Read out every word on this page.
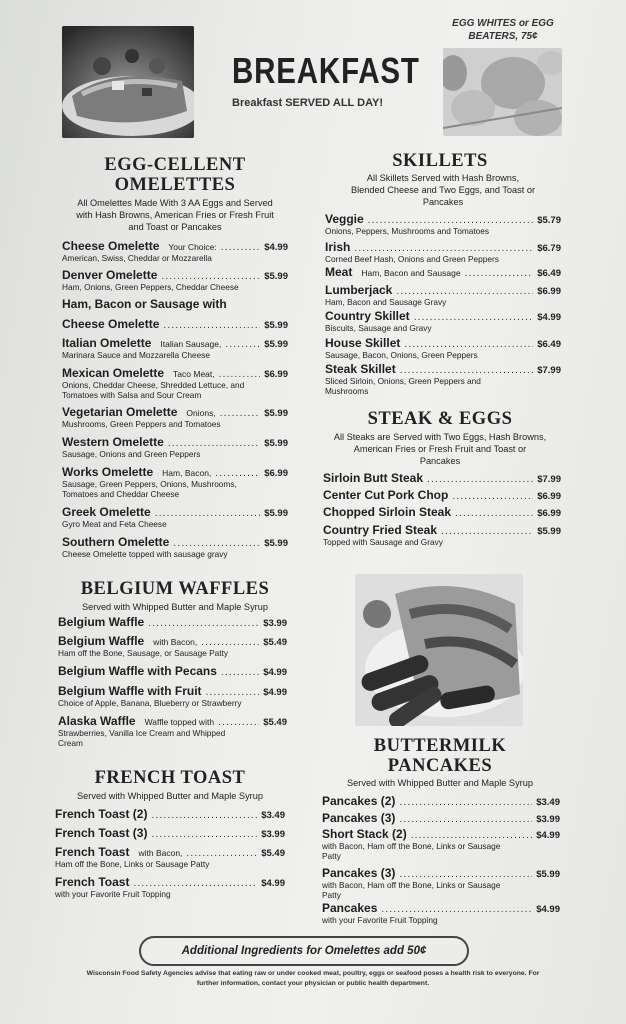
BREAKFAST
Breakfast SERVED ALL DAY!
EGG WHITES or EGG BEATERS, 75¢
EGG-CELLENT OMELETTES
All Omelettes Made With 3 AA Eggs and Served with Hash Browns, American Fries or Fresh Fruit and Toast or Pancakes
Cheese Omelette Your Choice: .....	$4.99
American, Swiss, Cheddar or Mozzarella
Denver Omelette .....	$5.99
Ham, Onions, Green Peppers, Cheddar Cheese
Ham, Bacon or Sausage with
Cheese Omelette .....	$5.99
Italian Omelette Italian Sausage, .....	$5.99
Marinara Sauce and Mozzarella Cheese
Mexican Omelette Taco Meat, .....	$6.99
Onions, Cheddar Cheese, Shredded Lettuce, and Tomatoes with Salsa and Sour Cream
Vegetarian Omelette Onions, .....	$5.99
Mushrooms, Green Peppers and Tomatoes
Western Omelette .....	$5.99
Sausage, Onions and Green Peppers
Works Omelette Ham, Bacon, .....	$6.99
Sausage, Green Peppers, Onions, Mushrooms, Tomatoes and Cheddar Cheese
Greek Omelette .....	$5.99
Gyro Meat and Feta Cheese
Southern Omelette .....	$5.99
Cheese Omelette topped with sausage gravy
SKILLETS
All Skillets Served with Hash Browns, Blended Cheese and Two Eggs, and Toast or Pancakes
Veggie .....	$5.79
Onions, Peppers, Mushrooms and Tomatoes
Irish .....	$6.79
Corned Beef Hash, Onions and Green Peppers
Meat Ham, Bacon and Sausage .....	$6.49
Lumberjack .....	$6.99
Ham, Bacon and Sausage Gravy
Country Skillet .....	$4.99
Biscuits, Sausage and Gravy
House Skillet .....	$6.49
Sausage, Bacon, Onions, Green Peppers
Steak Skillet .....	$7.99
Sliced Sirloin, Onions, Green Peppers and Mushrooms
STEAK & EGGS
All Steaks are Served with Two Eggs, Hash Browns, American Fries or Fresh Fruit and Toast or Pancakes
Sirloin Butt Steak .....	$7.99
Center Cut Pork Chop .....	$6.99
Chopped Sirloin Steak .....	$6.99
Country Fried Steak .....	$5.99
Topped with Sausage and Gravy
BELGIUM WAFFLES
Served with Whipped Butter and Maple Syrup
Belgium Waffle .....	$3.99
Belgium Waffle with Bacon, .....	$5.49
Ham off the Bone, Sausage, or Sausage Patty
Belgium Waffle with Pecans .....	$4.99
Belgium Waffle with Fruit .....	$4.99
Choice of Apple, Banana, Blueberry or Strawberry
Alaska Waffle Waffle topped with .....	$5.49
Strawberries, Vanilla Ice Cream and Whipped Cream	BUTTERMILK PANCAKES
Served with Whipped Butter and Maple Syrup
Pancakes (2) .....	$3.49
Pancakes (3) .....	$3.99
Short Stack (2) .....	$4.99
with Bacon, Ham off the Bone, Links or Sausage Patty
Pancakes (3) .....	$5.99
with Bacon, Ham off the Bone, Links or Sausage Patty
Pancakes .....	$4.99
with your Favorite Fruit Topping
FRENCH TOAST
Served with Whipped Butter and Maple Syrup
French Toast (2) .....	$3.49
French Toast (3) .....	$3.99
French Toast with Bacon, .....	$5.49
Ham off the Bone, Links or Sausage Patty
French Toast .....	$4.99
with your Favorite Fruit Topping
Additional Ingredients for Omelettes add 50¢
Wisconsin Food Safety Agencies advise that eating raw or under cooked meat, poultry, eggs or seafood poses a health risk to everyone. For further information, contact your physician or public health department.
